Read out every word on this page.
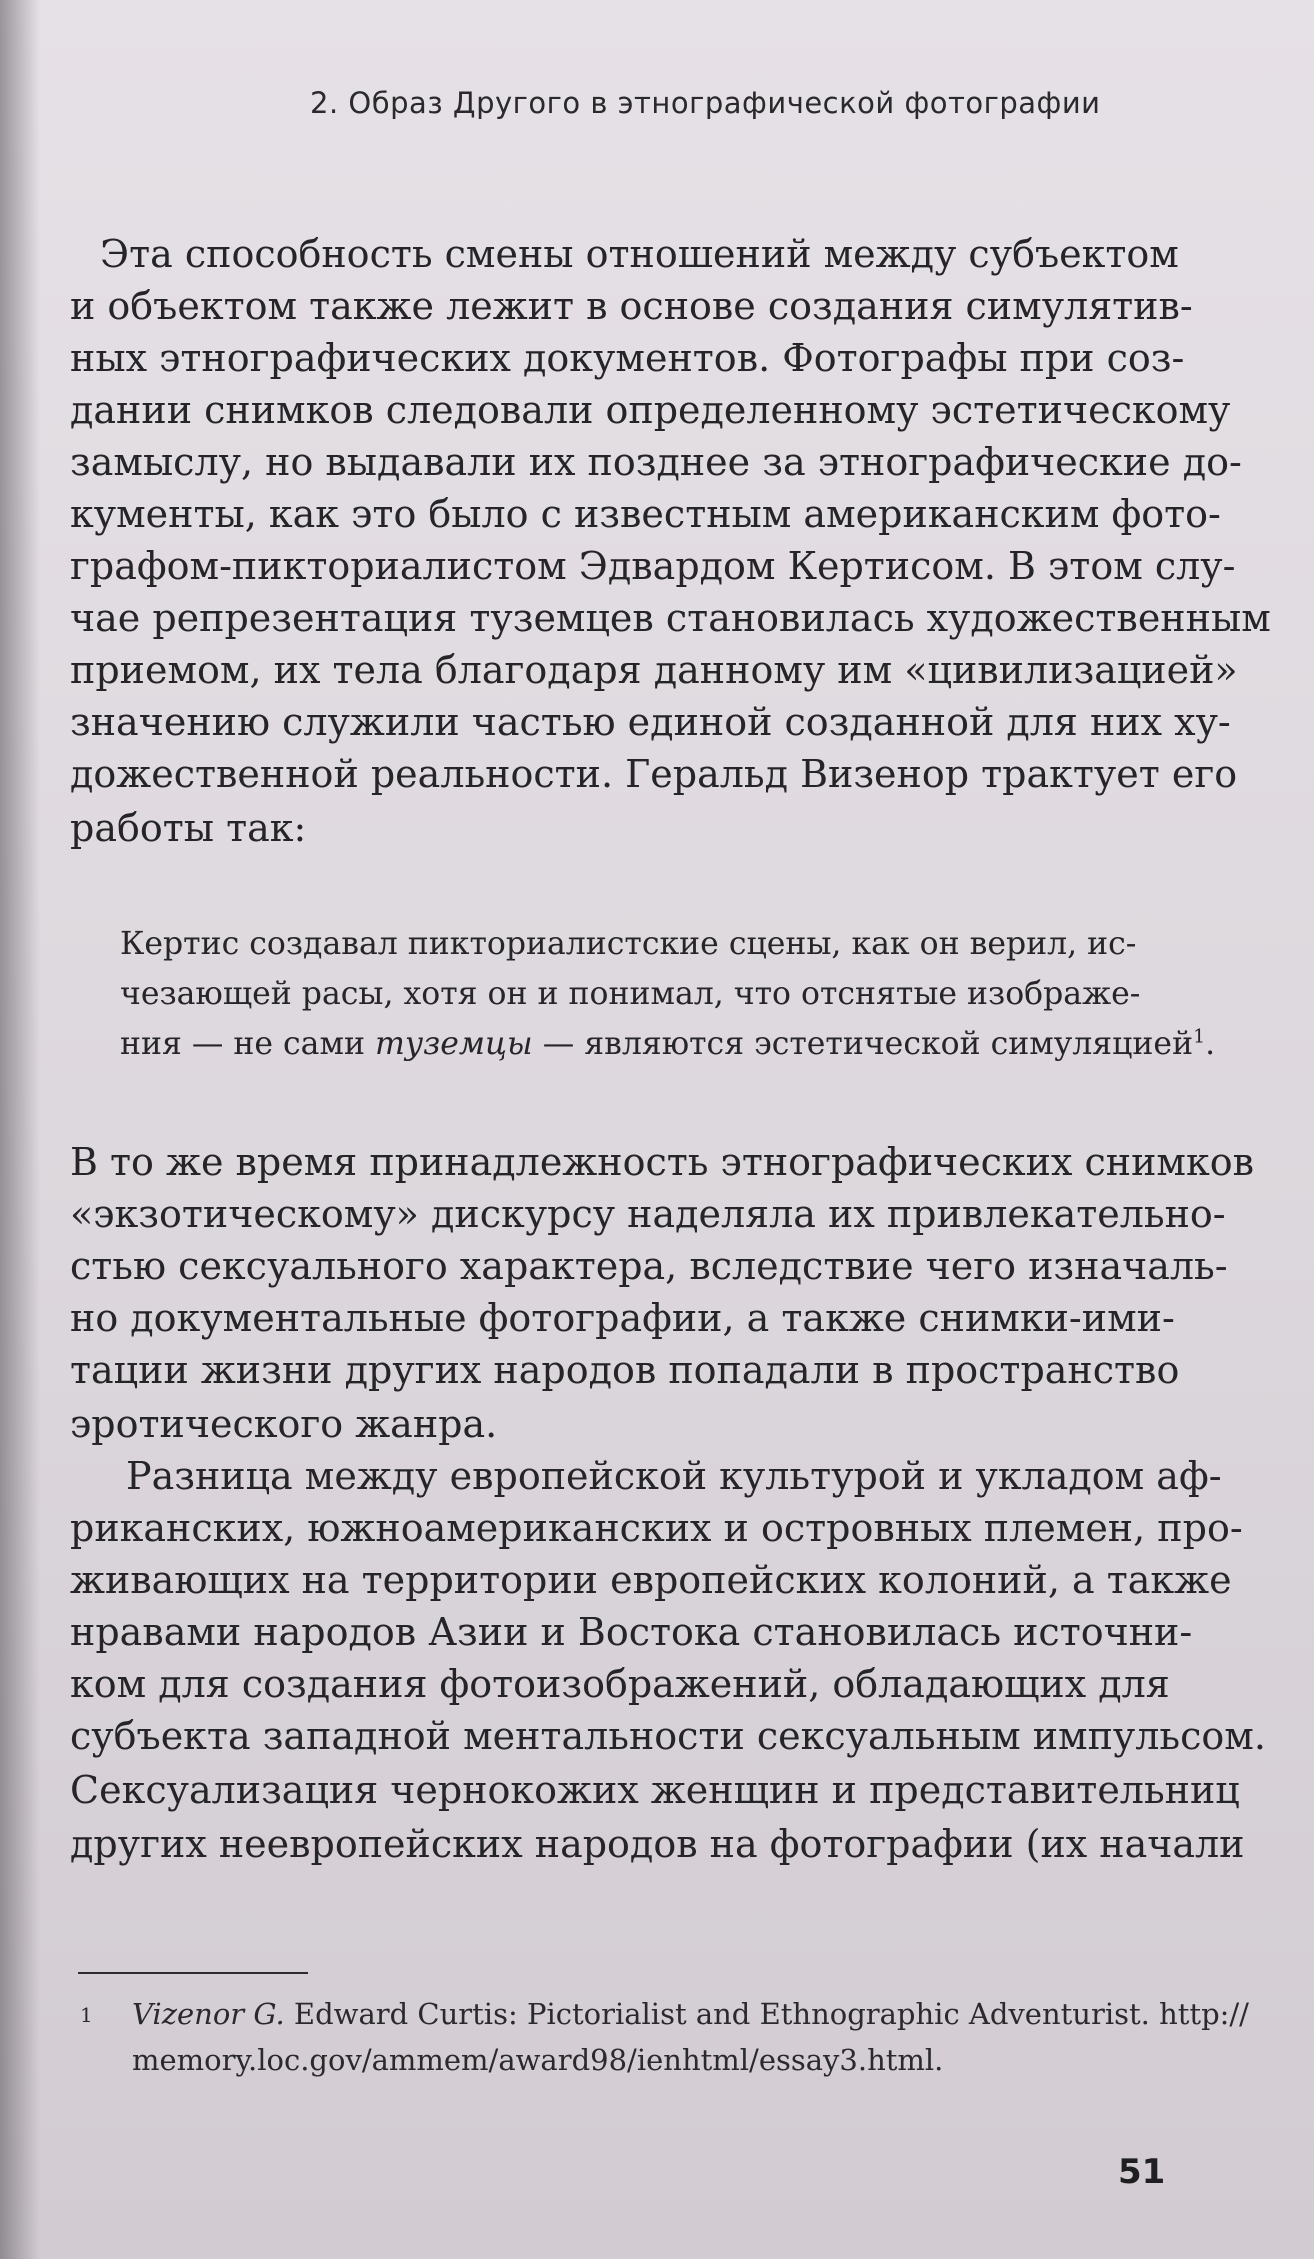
2. Образ Другого в этнографической фотографии
Эта способность смены отношений между субъектом
и объектом также лежит в основе создания симулятив-
ных этнографических документов. Фотографы при соз-
дании снимков следовали определенному эстетическому
замыслу, но выдавали их позднее за этнографические до-
кументы, как это было с известным американским фото-
графом-пикториалистом Эдвардом Кертисом. В этом слу-
чае репрезентация туземцев становилась художественным
приемом, их тела благодаря данному им «цивилизацией»
значению служили частью единой созданной для них ху-
дожественной реальности. Геральд Визенор трактует его
работы так:
Кертис создавал пикториалистские сцены, как он верил, ис-
чезающей расы, хотя он и понимал, что отснятые изображе-
ния — не сами туземцы — являются эстетической симуляцией$^1$.
В то же время принадлежность этнографических снимков
«экзотическому» дискурсу наделяла их привлекательно-
стью сексуального характера, вследствие чего изначаль-
но документальные фотографии, а также снимки-ими-
тации жизни других народов попадали в пространство
эротического жанра.
Разница между европейской культурой и укладом аф-
риканских, южноамериканских и островных племен, про-
живающих на территории европейских колоний, а также
нравами народов Азии и Востока становилась источни-
ком для создания фотоизображений, обладающих для
субъекта западной ментальности сексуальным импульсом.
Сексуализация чернокожих женщин и представительниц
других неевропейских народов на фотографии (их начали
1 Vizenor G. Edward Curtis: Pictorialist and Ethnographic Adventurist. http://
memory.loc.gov/ammem/award98/ienhtml/essay3.html.
51
